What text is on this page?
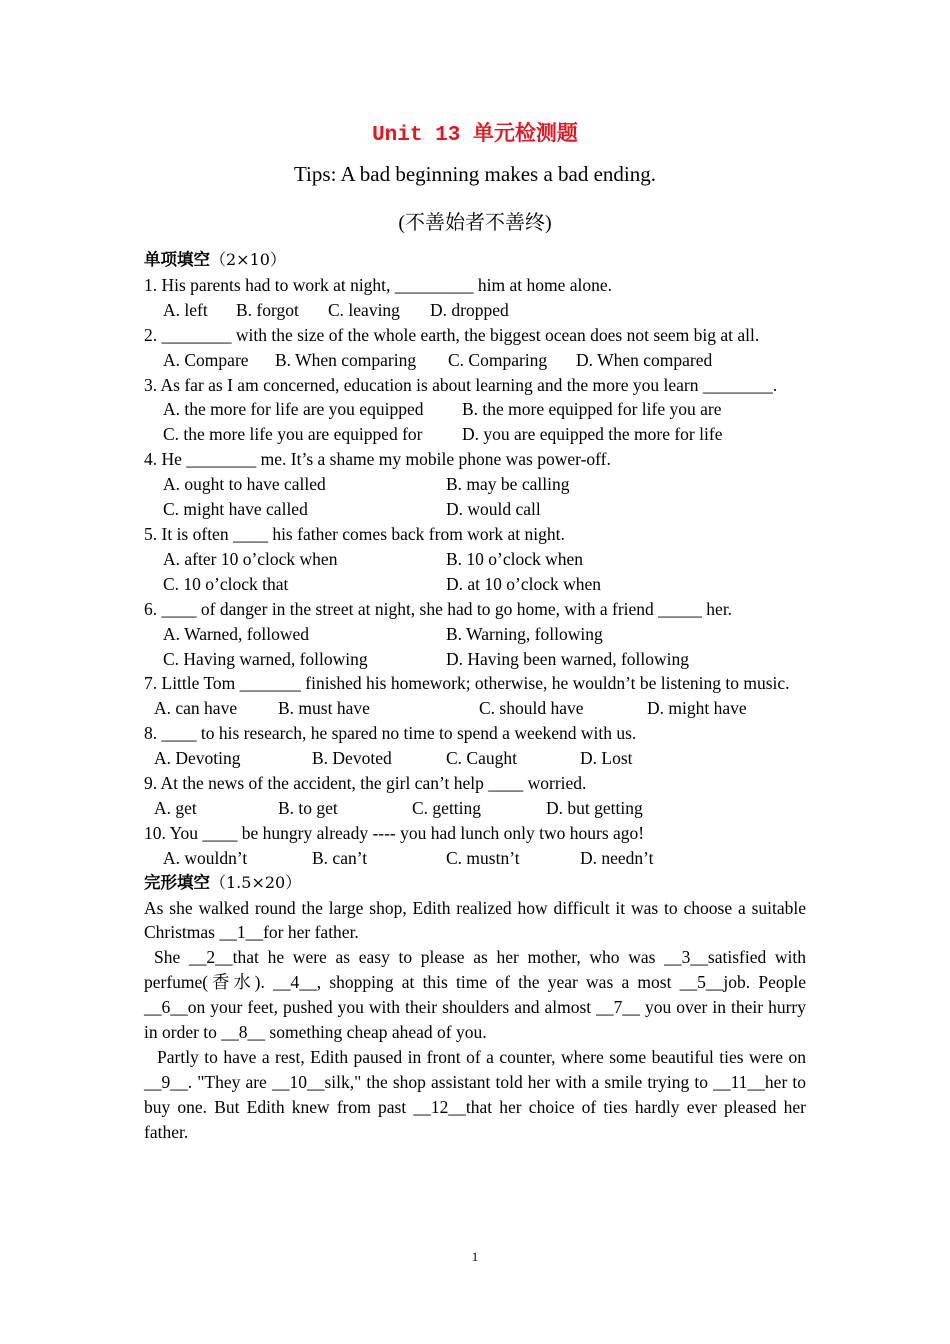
Unit 13 单元检测题
Tips: A bad beginning makes a bad ending.
(不善始者不善终)
单项填空（2×10）
1. His parents had to work at night, _________ him at home alone.
A. left	B. forgot	C. leaving	D. dropped
2. ________ with the size of the whole earth, the biggest ocean does not seem big at all.
A. Compare	B. When comparing	C. Comparing	D. When compared
3. As far as I am concerned, education is about learning and the more you learn ________.
A. the more for life are you equipped	B. the more equipped for life you are
C. the more life you are equipped for	D. you are equipped the more for life
4. He ________ me. It’s a shame my mobile phone was power-off.
A. ought to have called	B. may be calling
C. might have called	D. would call
5. It is often ____ his father comes back from work at night.
A. after 10 o’clock when	B. 10 o’clock when
C. 10 o’clock that	D. at 10 o’clock when
6. ____ of danger in the street at night, she had to go home, with a friend _____ her.
A. Warned, followed	B. Warning, following
C. Having warned, following	D. Having been warned, following
7. Little Tom _______ finished his homework; otherwise, he wouldn’t be listening to music.
A. can have	B. must have	C. should have	D. might have
8. ____ to his research, he spared no time to spend a weekend with us.
A. Devoting	B. Devoted	C. Caught	D. Lost
9. At the news of the accident, the girl can’t help ____ worried.
A. get	B. to get	C. getting	D. but getting
10. You ____ be hungry already ---- you had lunch only two hours ago!
A. wouldn’t	B. can’t	C. mustn’t	D. needn’t
完形填空（1.5×20）
As she walked round the large shop, Edith realized how difficult it was to choose a suitable Christmas __1__for her father.
She __2__that he were as easy to please as her mother, who was __3__satisfied with perfume(香水). __4__, shopping at this time of the year was a most __5__job. People __6__on your feet, pushed you with their shoulders and almost __7__ you over in their hurry in order to __8__ something cheap ahead of you.
Partly to have a rest, Edith paused in front of a counter, where some beautiful ties were on __9__. "They are __10__silk," the shop assistant told her with a smile trying to __11__her to buy one. But Edith knew from past __12__that her choice of ties hardly ever pleased her father.
1
